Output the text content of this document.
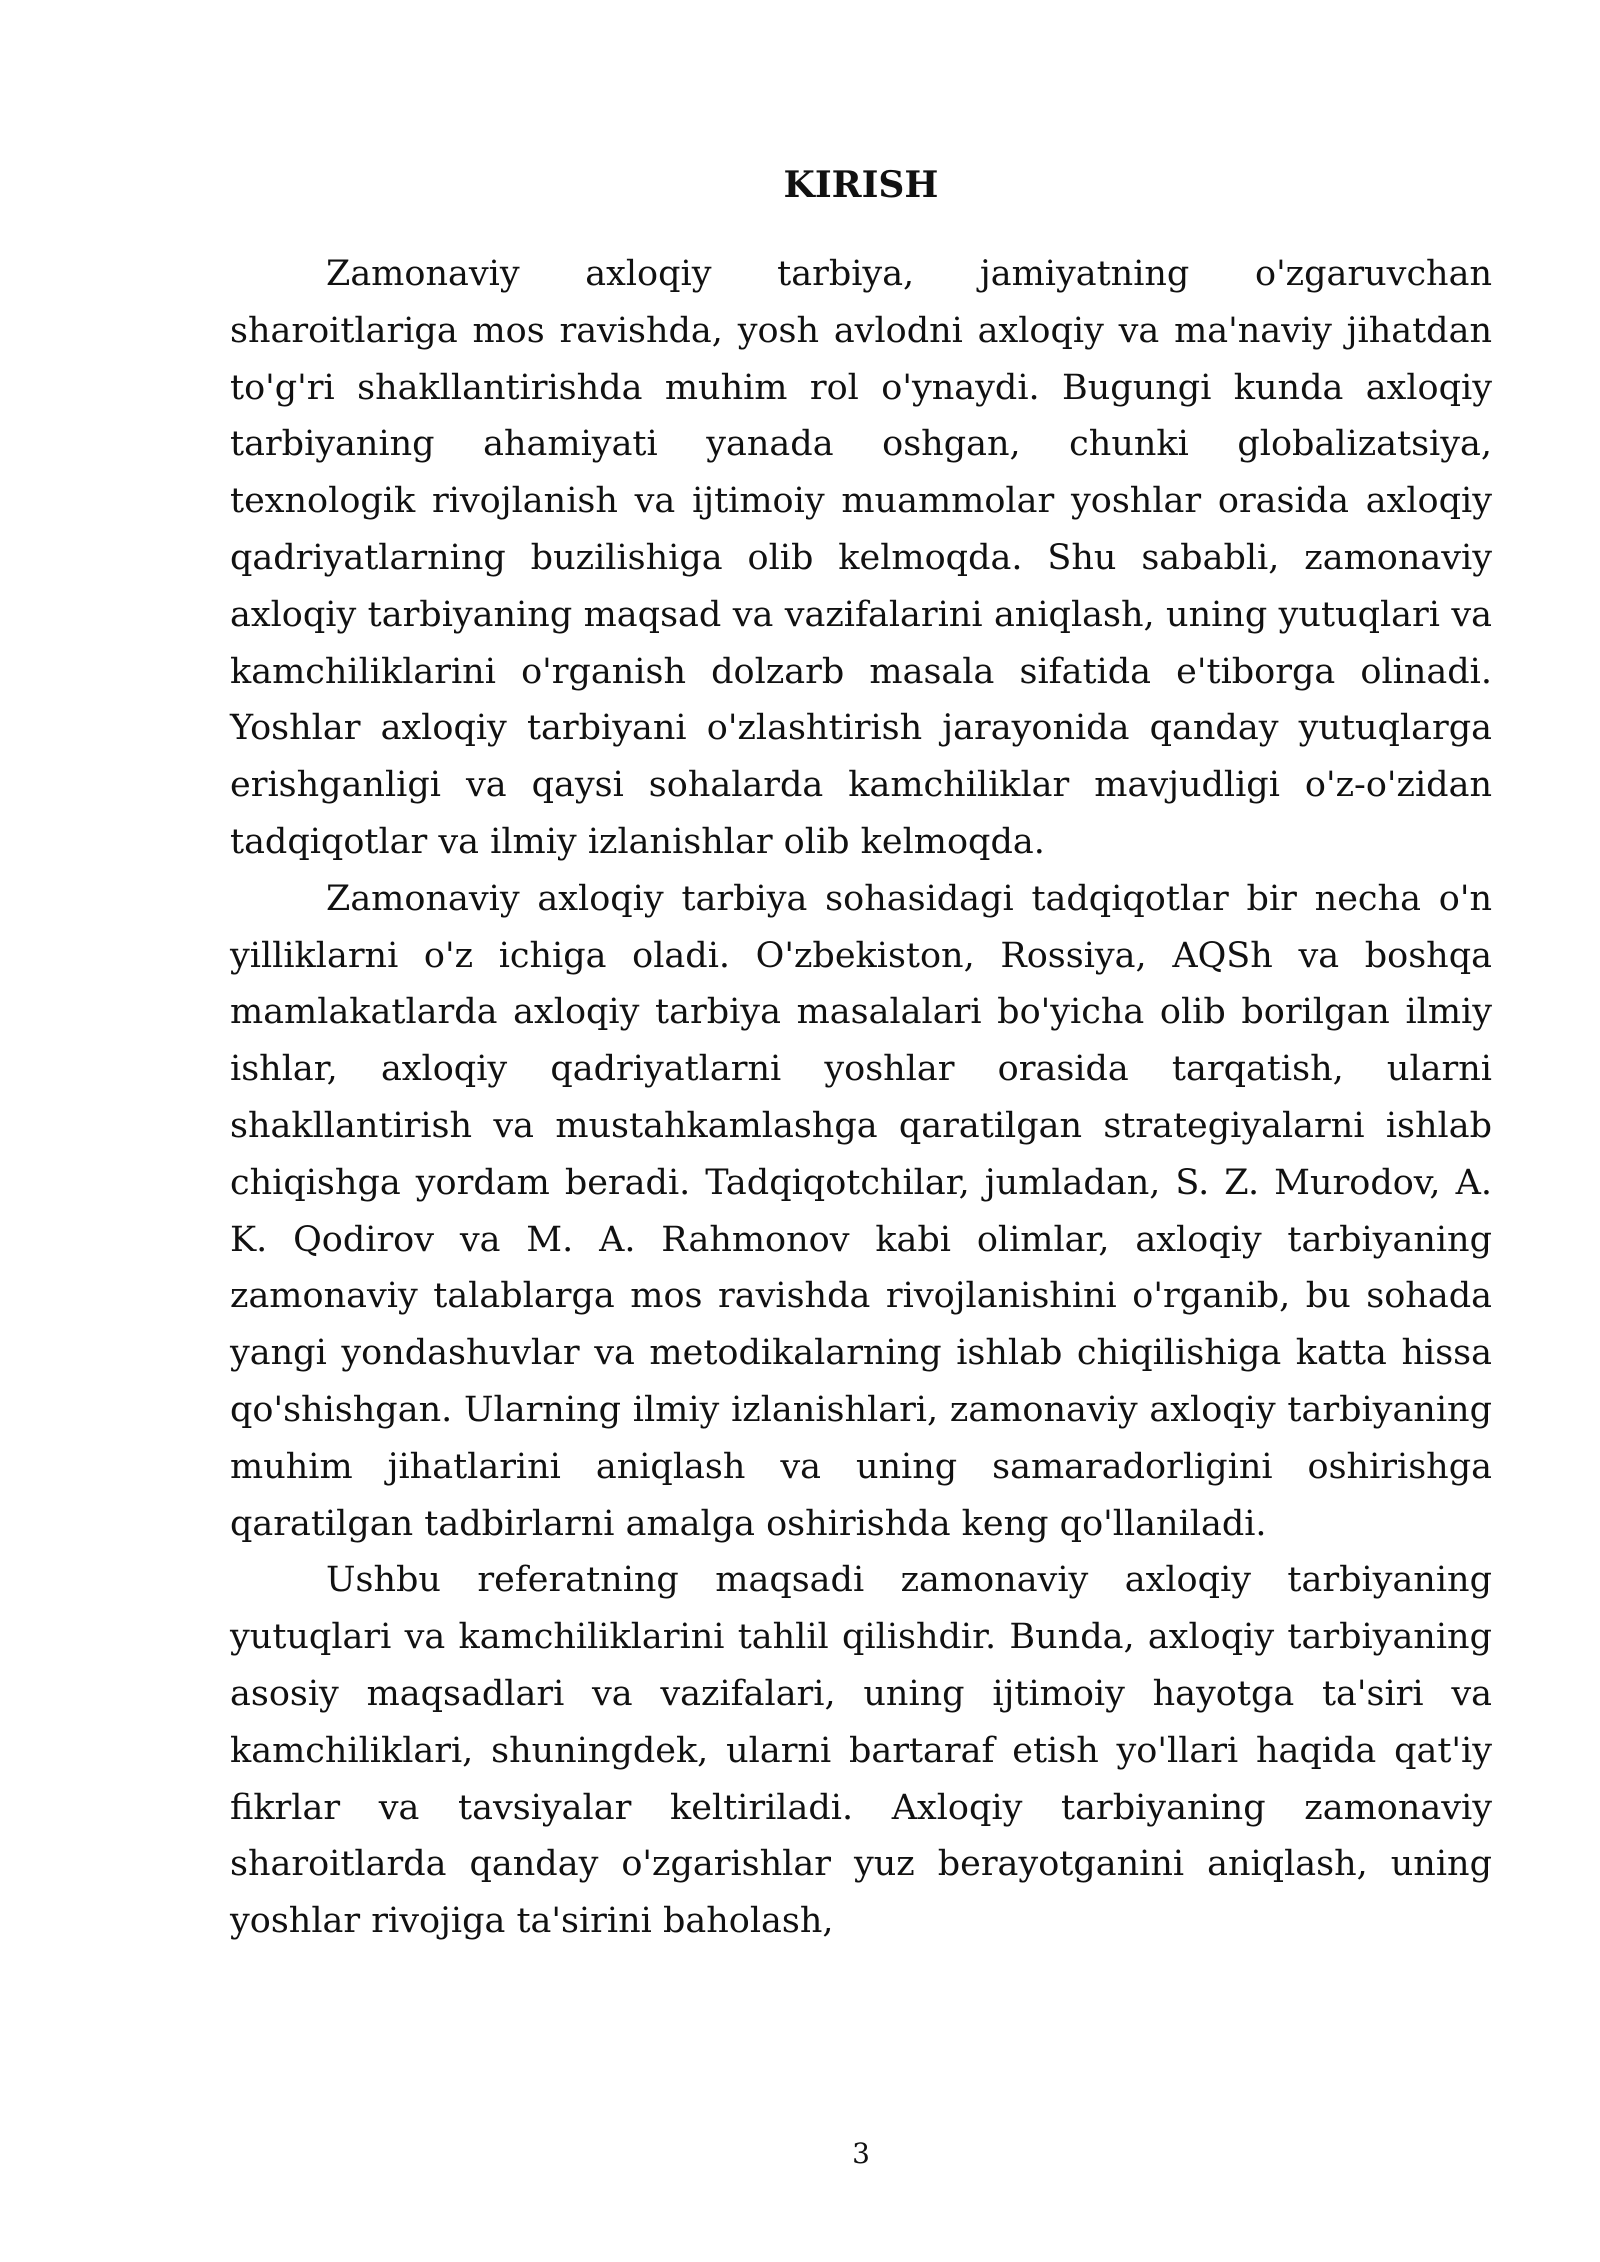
KIRISH

Zamonaviy axloqiy tarbiya, jamiyatning o'zgaruvchan sharoitlariga mos ravishda, yosh avlodni axloqiy va ma'naviy jihatdan to'g'ri shakllantirishda muhim rol o'ynaydi. Bugungi kunda axloqiy tarbiyaning ahamiyati yanada oshgan, chunki globalizatsiya, texnologik rivojlanish va ijtimoiy muammolar yoshlar orasida axloqiy qadriyatlarning buzilishiga olib kelmoqda. Shu sababli, zamonaviy axloqiy tarbiyaning maqsad va vazifalarini aniqlash, uning yutuqlari va kamchiliklarini o'rganish dolzarb masala sifatida e'tiborga olinadi. Yoshlar axloqiy tarbiyani o'zlashtirish jarayonida qanday yutuqlarga erishganligi va qaysi sohalarda kamchiliklar mavjudligi o'z-o'zidan tadqiqotlar va ilmiy izlanishlar olib kelmoqda.

Zamonaviy axloqiy tarbiya sohasidagi tadqiqotlar bir necha o'n yilliklarni o'z ichiga oladi. O'zbekiston, Rossiya, AQSh va boshqa mamlakatlarda axloqiy tarbiya masalalari bo'yicha olib borilgan ilmiy ishlar, axloqiy qadriyatlarni yoshlar orasida tarqatish, ularni shakllantirish va mustahkamlashga qaratilgan strategiyalarni ishlab chiqishga yordam beradi. Tadqiqotchilar, jumladan, S. Z. Murodov, A. K. Qodirov va M. A. Rahmonov kabi olimlar, axloqiy tarbiyaning zamonaviy talablarga mos ravishda rivojlanishini o'rganib, bu sohada yangi yondashuvlar va metodikalarning ishlab chiqilishiga katta hissa qo'shishgan. Ularning ilmiy izlanishlari, zamonaviy axloqiy tarbiyaning muhim jihatlarini aniqlash va uning samaradorligini oshirishga qaratilgan tadbirlarni amalga oshirishda keng qo'llaniladi.

Ushbu referatning maqsadi zamonaviy axloqiy tarbiyaning yutuqlari va kamchiliklarini tahlil qilishdir. Bunda, axloqiy tarbiyaning asosiy maqsadlari va vazifalari, uning ijtimoiy hayotga ta'siri va kamchiliklari, shuningdek, ularni bartaraf etish yo'llari haqida qat'iy fikrlar va tavsiyalar keltiriladi. Axloqiy tarbiyaning zamonaviy sharoitlarda qanday o'zgarishlar yuz berayotganini aniqlash, uning yoshlar rivojiga ta'sirini baholash,

3
